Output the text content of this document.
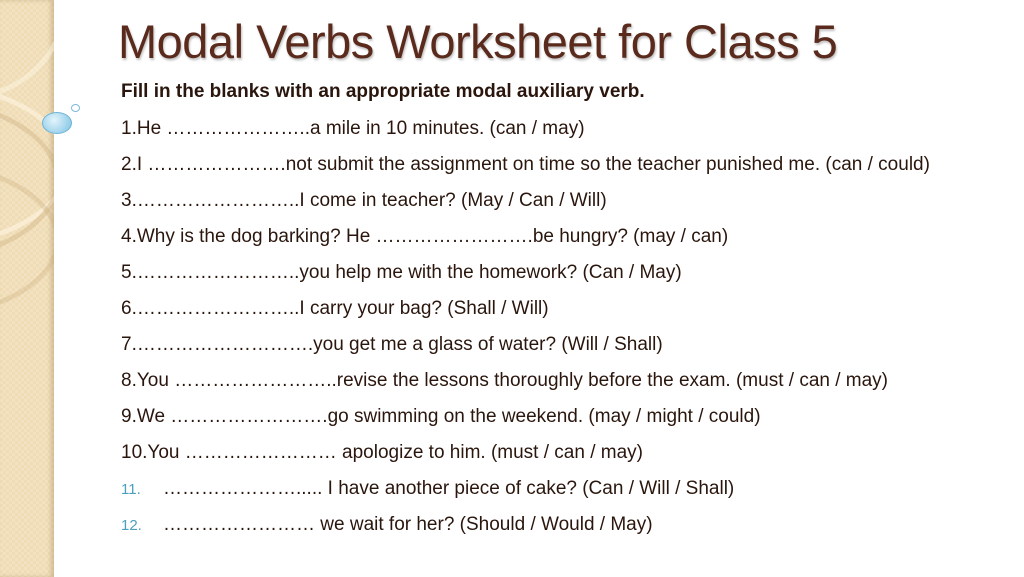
Modal Verbs Worksheet for Class 5
Fill in the blanks with an appropriate modal auxiliary verb.
1.He …………………..a mile in 10 minutes. (can / may)
2.I ………………….not submit the assignment on time so the teacher punished me. (can / could)
3.……………………..I come in teacher? (May / Can / Will)
4.Why is the dog barking? He …………………….be hungry? (may / can)
5.……………………..you help me with the homework? (Can / May)
6.……………………..I carry your bag? (Shall / Will)
7.……………………….you get me a glass of water? (Will / Shall)
8.You ……………………..revise the lessons thoroughly before the exam. (must / can / may)
9.We …………………….go swimming on the weekend. (may / might / could)
10.You …………………… apologize to him. (must / can / may)
11. …………………..... I have another piece of cake? (Can / Will / Shall)
12. …………………… we wait for her? (Should / Would / May)
